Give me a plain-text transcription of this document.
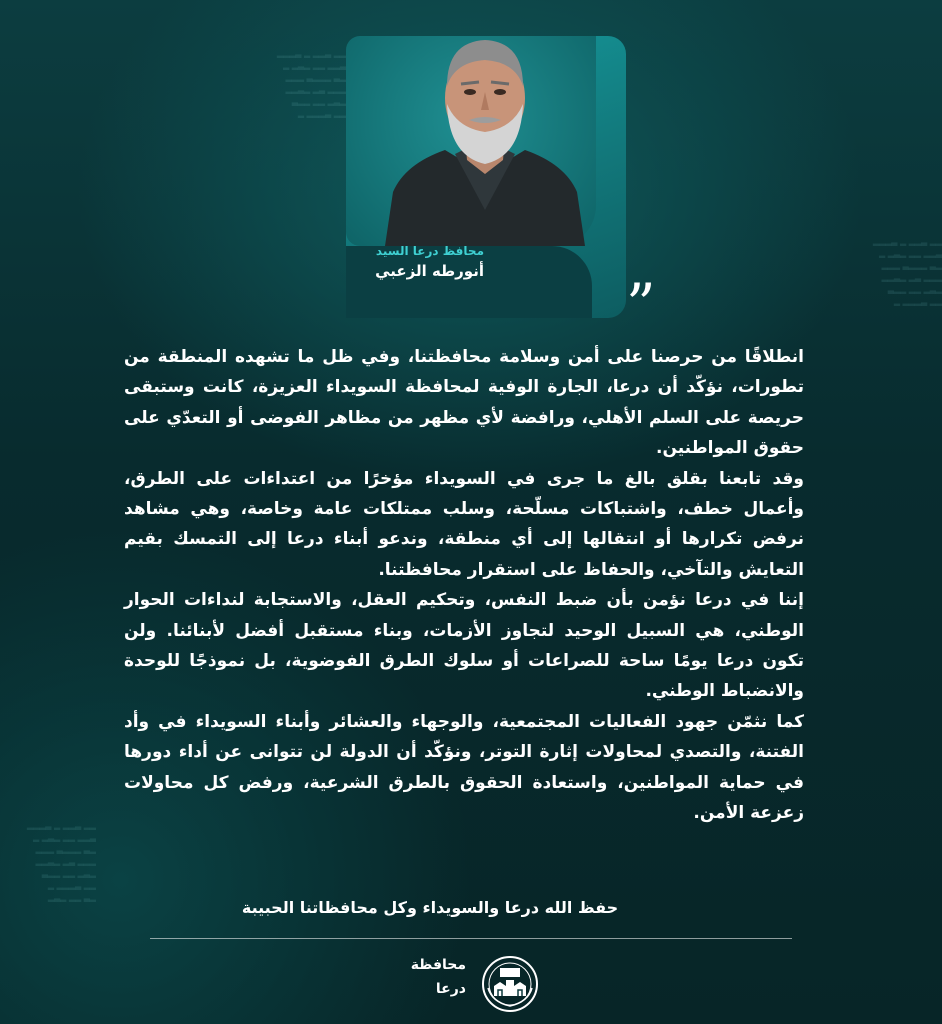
▂▂ ▃▂▂ ▂ ▃▂▂▂
▃▂▂ ▂▂ ▂▃▂ ▂
▂▃ ▂▂▂▃ ▂▂▂
▂▂▂ ▃▂ ▂▃▂▂
▂▃▂ ▂▂ ▂▂▃
▂▂ ▃▂▂▂ ▂
▂▂ ▃▂▂ ▂ ▃▂▂▂
▃▂▂ ▂▂ ▂▃▂ ▂
▂▃ ▂▂▂▃ ▂▂▂
▂▂▂ ▃▂ ▂▃▂▂
▂▃▂ ▂▂ ▂▂▃
▂▂ ▃▂▂▂ ▂
▂▂ ▃▂▂ ▂ ▃▂▂▂
▃▂▂ ▂▂ ▂▃▂ ▂
▂▃ ▂▂▂▃ ▂▂▂
▂▂▂ ▃▂ ▂▃▂▂
▂▃▂ ▂▂ ▂▂▃
▂▂ ▃▂▂▂ ▂
▂▃ ▂▂ ▂▃▂
محافظ درعا السيد
أنورطه الزعبي ”

انطلاقًا من حرصنا على أمن وسلامة محافظتنا، وفي ظل ما تشهده المنطقة من تطورات، نؤكّد أن درعا، الجارة الوفية لمحافظة السويداء العزيزة، كانت وستبقى حريصة على السلم الأهلي، ورافضة لأي مظهر من مظاهر الفوضى أو التعدّي على حقوق المواطنين.

وقد تابعنا بقلق بالغ ما جرى في السويداء مؤخرًا من اعتداءات على الطرق، وأعمال خطف، واشتباكات مسلّحة، وسلب ممتلكات عامة وخاصة، وهي مشاهد نرفض تكرارها أو انتقالها إلى أي منطقة، وندعو أبناء درعا إلى التمسك بقيم التعايش والتآخي، والحفاظ على استقرار محافظتنا.

إننا في درعا نؤمن بأن ضبط النفس، وتحكيم العقل، والاستجابة لنداءات الحوار الوطني، هي السبيل الوحيد لتجاوز الأزمات، وبناء مستقبل أفضل لأبنائنا. ولن تكون درعا يومًا ساحة للصراعات أو سلوك الطرق الفوضوية، بل نموذجًا للوحدة والانضباط الوطني.

كما نثمّن جهود الفعاليات المجتمعية، والوجهاء والعشائر وأبناء السويداء في وأد الفتنة، والتصدي لمحاولات إثارة التوتر، ونؤكّد أن الدولة لن تتوانى عن أداء دورها في حماية المواطنين، واستعادة الحقوق بالطرق الشرعية، ورفض كل محاولات زعزعة الأمن.

حفظ الله درعا والسويداء وكل محافظاتنا الحبيبة
محافظة
درعا
